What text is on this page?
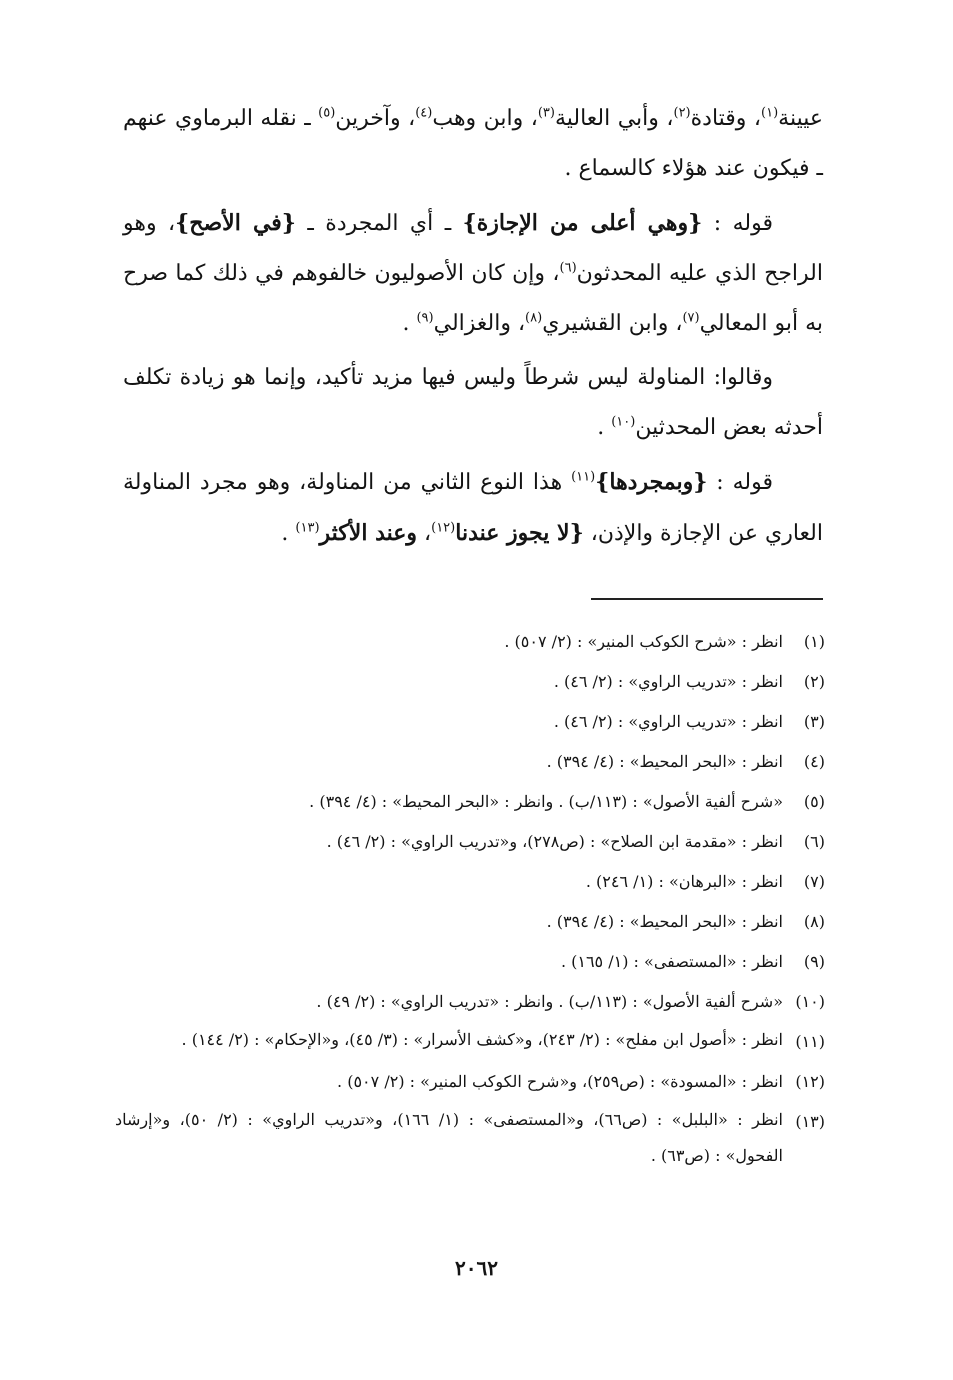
عيينة$^{(١)}$، وقتادة$^{(٢)}$، وأبي العالية$^{(٣)}$، وابن وهب$^{(٤)}$، وآخرين$^{(٥)}$ ـ نقله البرماوي عنهم ـ فيكون عند هؤلاء كالسماع .

قوله : {وهي أعلى من الإجازة} ـ أي المجردة ـ {في الأصح}، وهو الراجح الذي عليه المحدثون$^{(٦)}$، وإن كان الأصوليون خالفوهم في ذلك كما صرح به أبو المعالي$^{(٧)}$، وابن القشيري$^{(٨)}$، والغزالي$^{(٩)}$ .

وقالوا: المناولة ليس شرطاً وليس فيها مزيد تأكيد، وإنما هو زيادة تكلف أحدثه بعض المحدثين$^{(١٠)}$ .

قوله : {وبمجردها}$^{(١١)}$ هذا النوع الثاني من المناولة، وهو مجرد المناولة العاري عن الإجازة والإذن، {لا يجوز عندنا$^{(١٢)}$، وعند الأكثر$^{(١٣)}$ .

(١)
انظر : «شرح الكوكب المنير» : (٢/ ٥٠٧) .
(٢)
انظر : «تدريب الراوي» : (٢/ ٤٦) .
(٣)
انظر : «تدريب الراوي» : (٢/ ٤٦) .
(٤)
انظر : «البحر المحيط» : (٤/ ٣٩٤) .
(٥)
«شرح ألفية الأصول» : (١١٣/ب) . وانظر : «البحر المحيط» : (٤/ ٣٩٤) .
(٦)
انظر : «مقدمة ابن الصلاح» : (ص٢٧٨)، و«تدريب الراوي» : (٢/ ٤٦) .
(٧)
انظر : «البرهان» : (١/ ٢٤٦) .
(٨)
انظر : «البحر المحيط» : (٤/ ٣٩٤) .
(٩)
انظر : «المستصفى» : (١/ ١٦٥) .
(١٠)
«شرح ألفية الأصول» : (١١٣/ب) . وانظر : «تدريب الراوي» : (٢/ ٤٩) .
(١١)
انظر : «أصول ابن مفلح» : (٢/ ٢٤٣)، و«كشف الأسرار» : (٣/ ٤٥)، و«الإحكام» : (٢/ ١٤٤) .
(١٢)
انظر : «المسودة» : (ص٢٥٩)، و«شرح الكوكب المنير» : (٢/ ٥٠٧) .
(١٣)
انظر : «البلبل» : (ص٦٦)، و«المستصفى» : (١/ ١٦٦)، و«تدريب الراوي» : (٢/ ٥٠)، و«إرشاد الفحول» : (ص٦٣) .
٢٠٦٢
